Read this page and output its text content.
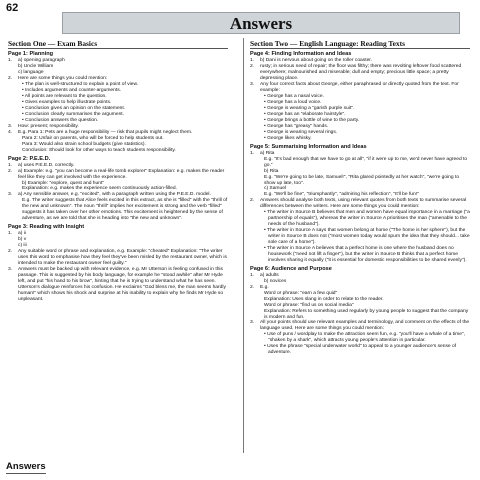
62
Answers
Section One — Exam Basics
Page 1: Planning
1.	a) opening paragraph
b) Uncle William
c) language
2.	Here are some things you could mention:
• The plan is well-structured to explain a point of view.
• Includes arguments and counter-arguments.
• All points are relevant to the question.
• Gives examples to help illustrate points.
• Conclusion gives an opinion on the statement.
• Conclusion clearly summarises the argument.
• Conclusion answers the question.
3.	How: present; responsibility.
4.	E.g. Para 1: Pets are a huge responsibility — risk that pupils might neglect them.
Para 2: Unfair on parents, who will be forced to help students out.
Para 3: Would also strain school budgets (give statistics).
Conclusion: Should look for other ways to teach students responsibility.
Page 2: P.E.E.D.
1.	a) uses P.E.E.D. correctly.
2.	a) Example: e.g. "you can become a real-life tomb explorer" Explanation: e.g. makes the reader feel like they can get involved with the experience.
b) Example: "explore, quest and hunt"
Explanation: e.g. makes the experience seem continuously action-filled.
3.	a) Any sensible answer, e.g. "excited", with a paragraph written using the P.E.E.D. model.
E.g. The writer suggests that Alice feels excited in this extract, as she is "filled" with the "thrill of the new and unknown". The noun "thrill" implies her excitement is strong and the verb "filled" suggests it has taken over her other emotions. This excitement is heightened by the sense of adventure, as we are told that she is heading into "the new and unknown".
Page 3: Reading with Insight
1.	a) ii
b) v
c) iii
2.	Any suitable word or phrase and explanation, e.g. Example: "cheated" Explanation: "The writer uses this word to emphasise how they feel they've been misled by the restaurant owner, which is intended to make the restaurant owner feel guilty."
3.	Answers must be backed up with relevant evidence, e.g. Mr Utterson is feeling confused in this passage. This is suggested by his body language, for example he "stood awhile" after Mr Hyde left, and put "his hand to his brow", hinting that he is trying to understand what he has seen. Utterson's dialogue reinforces his confusion. He exclaims "God bless me, the man seems hardly human!" which shows his shock and surprise at his inability to explain why he finds Mr Hyde so unpleasant.
Section Two — English Language: Reading Texts
Page 4: Finding Information and Ideas
1.	b) Dani is nervous about going on the roller coaster.
2.	rusty; in serious need of repair; the floor was filthy; there was revolting leftover food scattered everywhere; malnourished and miserable; dull and empty; precious little space; a pretty depressing place.
3.	Any four correct facts about George, either paraphrased or directly quoted from the text. For example:
• George has a nasal voice.
• George has a loud voice.
• George is wearing a "garish purple suit".
• George has an "elaborate hairstyle".
• George brings a bottle of wine to the party.
• George has "greasy" hands.
• George is wearing several rings.
• George likes whisky.
Page 5: Summarising Information and Ideas
1.	a) Rita
E.g. "It's bad enough that we have to go at all", "if it were up to me, we'd never have agreed to go."
b) Rita
E.g. "We're going to be late, Samuel!", "Rita glared pointedly at her watch", "we're going to show up late, too".
c) Samuel
E.g. "We'll be fine", "triumphantly", "admiring his reflection", "It'll be fun!"
2.	Answers should analyse both texts, using relevant quotes from both texts to summarise several differences between the writers. Here are some things you could mention:
• The writer in Source B believes that men and women have equal importance in a marriage ("a partnership of equals"), whereas the writer in Source A prioritises the man ("amenable to the needs of the husband").
• The writer in Source A says that women belong at home ("The home is her sphere"), but the writer in Source B does not ("most women today would spurn the idea that they should... take sole care of a home").
• The writer in Source A believes that a perfect home is one where the husband does no housework ("need not lift a finger"), but the writer in Source B thinks that a perfect home involves sharing it equally ("it is essential for domestic responsibilities to be shared evenly").
Page 6: Audience and Purpose
1.	a) adults
b) novices
2.	E.g.
Word or phrase: "earn a few quid"
Explanation: Uses slang in order to relate to the reader.
Word or phrase: "find us on social media"
Explanation: Refers to something used regularly by young people to suggest that the company is modern and fun.
3.	All your points should use relevant examples and terminology, and comment on the effects of the language used. Here are some things you could mention:
• Use of puns / wordplay to make the attraction seem fun, e.g. "you'll have a whale of a time", "shaken by a shark", which attracts young people's attention in particular.
• Uses the phrase "special underwater world" to appeal to a younger audience's sense of adventure.
Answers
